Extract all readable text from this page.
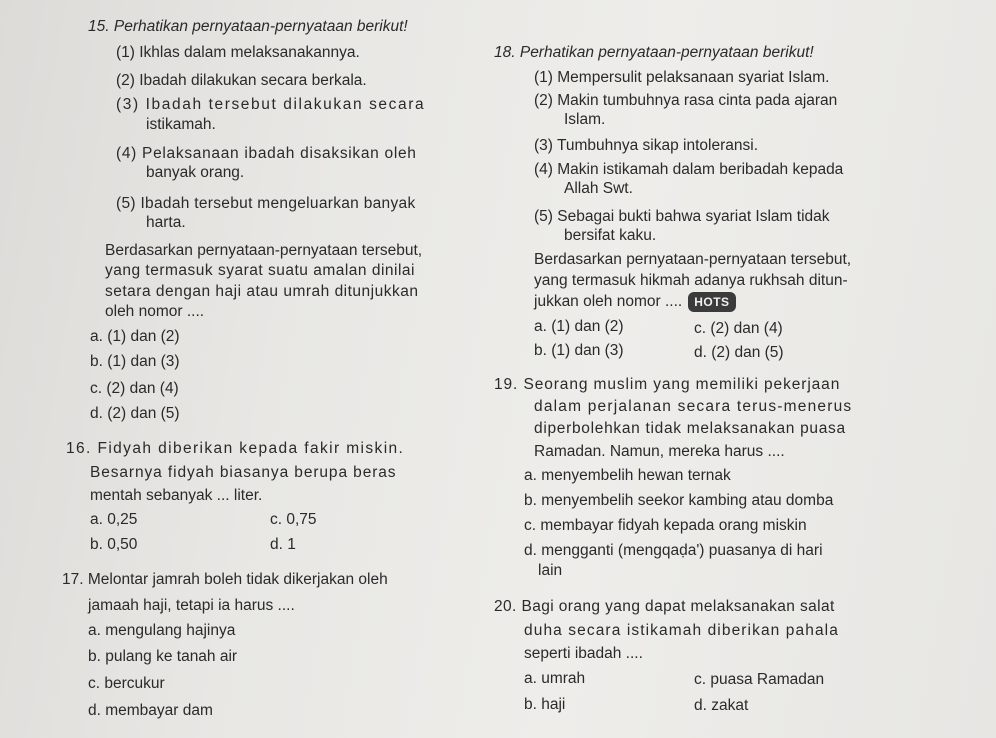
15. Perhatikan pernyataan-pernyataan berikut!
(1) Ikhlas dalam melaksanakannya.
(2) Ibadah dilakukan secara berkala.
(3) Ibadah tersebut dilakukan secara
istikamah.
(4) Pelaksanaan ibadah disaksikan oleh
banyak orang.
(5) Ibadah tersebut mengeluarkan banyak
harta.
Berdasarkan pernyataan-pernyataan tersebut,
yang termasuk syarat suatu amalan dinilai
setara dengan haji atau umrah ditunjukkan
oleh nomor ....
a. (1) dan (2)
b. (1) dan (3)
c. (2) dan (4)
d. (2) dan (5)
16. Fidyah diberikan kepada fakir miskin.
Besarnya fidyah biasanya berupa beras
mentah sebanyak ... liter.
a. 0,25	c. 0,75
b. 0,50	d. 1
17. Melontar jamrah boleh tidak dikerjakan oleh
jamaah haji, tetapi ia harus ....
a. mengulang hajinya
b. pulang ke tanah air
c. bercukur
d. membayar dam
18. Perhatikan pernyataan-pernyataan berikut!
(1) Mempersulit pelaksanaan syariat Islam.
(2) Makin tumbuhnya rasa cinta pada ajaran
Islam.
(3) Tumbuhnya sikap intoleransi.
(4) Makin istikamah dalam beribadah kepada
Allah Swt.
(5) Sebagai bukti bahwa syariat Islam tidak
bersifat kaku.
Berdasarkan pernyataan-pernyataan tersebut,
yang termasuk hikmah adanya rukhsah ditun-
jukkan oleh nomor .... HOTS
a. (1) dan (2)	c. (2) dan (4)
b. (1) dan (3)	d. (2) dan (5)
19. Seorang muslim yang memiliki pekerjaan
dalam perjalanan secara terus-menerus
diperbolehkan tidak melaksanakan puasa
Ramadan. Namun, mereka harus ....
a. menyembelih hewan ternak
b. menyembelih seekor kambing atau domba
c. membayar fidyah kepada orang miskin
d. mengganti (mengqaḍa') puasanya di hari
lain
20. Bagi orang yang dapat melaksanakan salat
duha secara istikamah diberikan pahala
seperti ibadah ....
a. umrah	c. puasa Ramadan
b. haji	d. zakat
